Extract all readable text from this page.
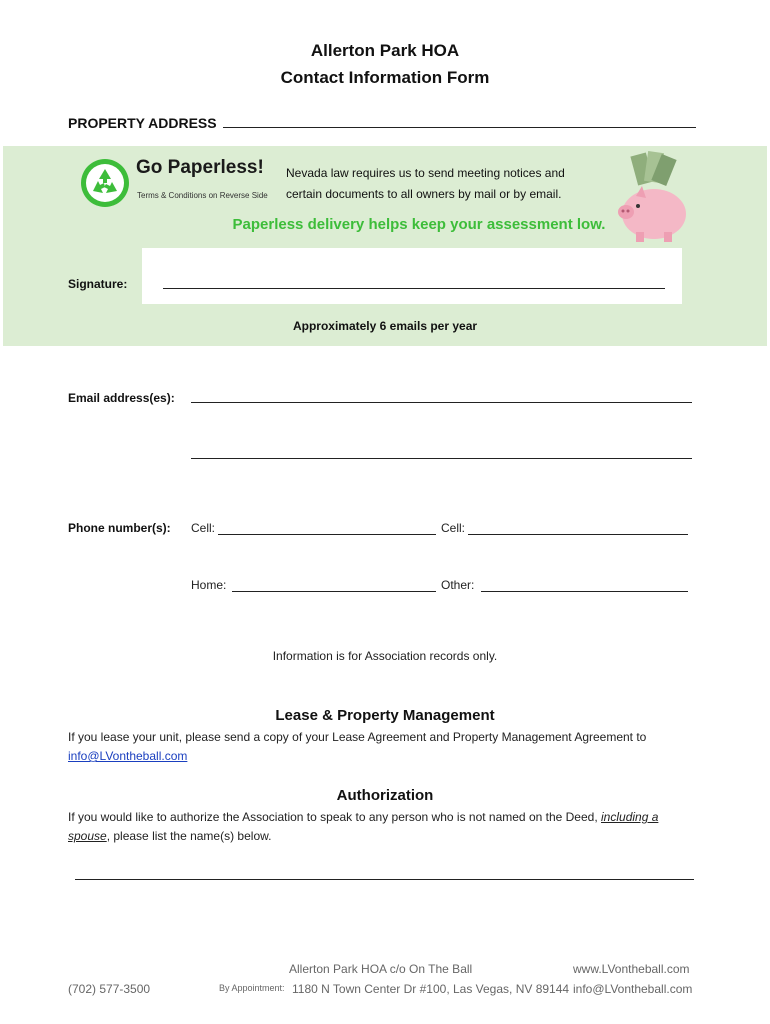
Allerton Park HOA
Contact Information Form
PROPERTY ADDRESS
Go Paperless!
Terms & Conditions on Reverse Side
Nevada law requires us to send meeting notices and
certain documents to all owners by mail or by email.
Paperless delivery helps keep your assessment low.
Signature:
Approximately 6 emails per year
Email address(es):
Phone number(s): Cell:	Cell:
Home:	Other:
Information is for Association records only.
Lease & Property Management
If you lease your unit, please send a copy of your Lease Agreement and Property Management Agreement to
info@LVontheball.com
Authorization
If you would like to authorize the Association to speak to any person who is not named on the Deed, including a
spouse, please list the name(s) below.
Allerton Park HOA c/o On The Ball	www.LVontheball.com
(702) 577-3500	By Appointment: 1180 N Town Center Dr #100, Las Vegas, NV 89144 info@LVontheball.com
